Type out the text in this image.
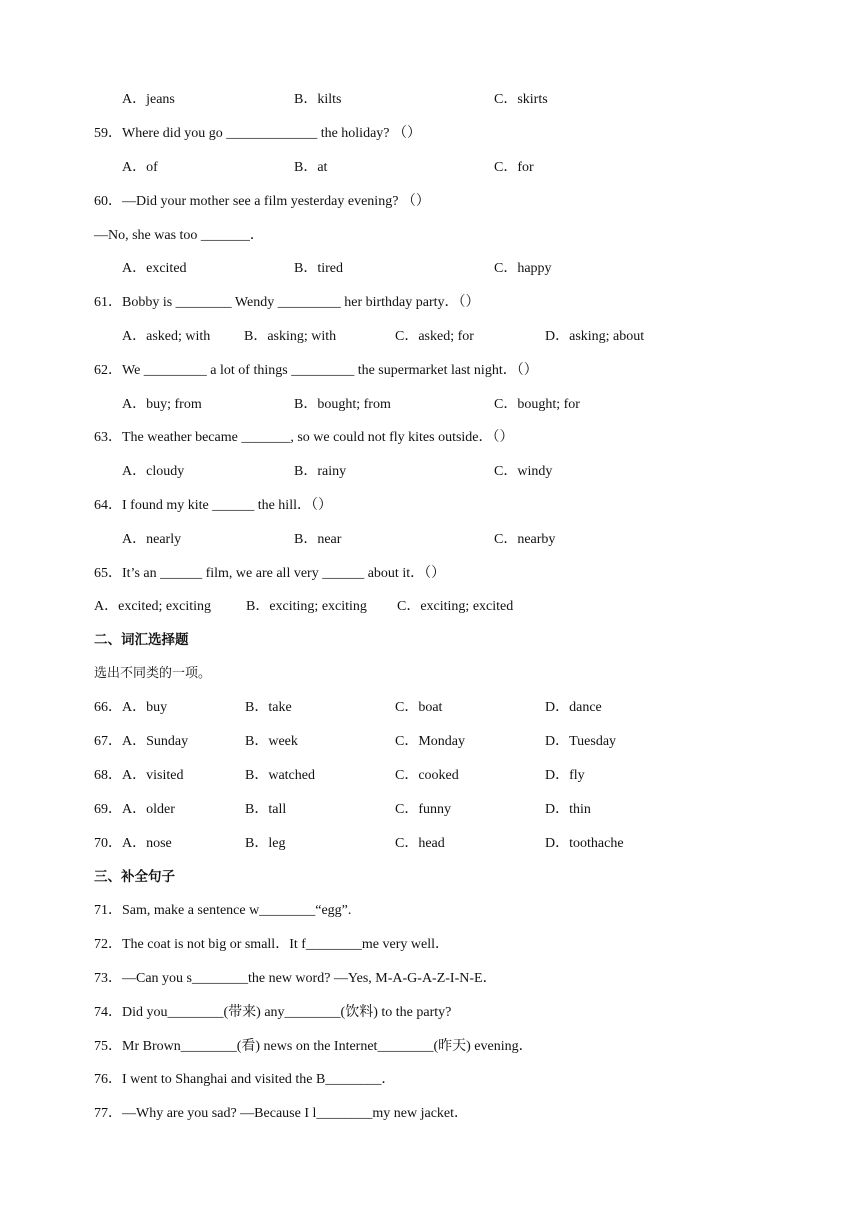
A．jeans	B．kilts	C．skirts
59．Where did you go _____________ the holiday? （）
A．of	B．at	C．for
60．—Did your mother see a film yesterday evening? （）
—No, she was too _______．
A．excited	B．tired	C．happy
61．Bobby is ________ Wendy _________ her birthday party．（）
A．asked; with B．asking; with	C．asked; for	D．asking; about
62．We _________ a lot of things _________ the supermarket last night．（）
A．buy; from	B．bought; from	C．bought; for
63．The weather became _______, so we could not fly kites outside．（）
A．cloudy	B．rainy	C．windy
64．I found my kite ______ the hill．（）
A．nearly	B．near	C．nearby
65．It’s an ______ film, we are all very ______ about it．（）
A．excited; exciting B．exciting; exciting C．exciting; excited
二、词汇选择题
选出不同类的一项。
66．A．buy	B．take	C．boat	D．dance
67．A．Sunday	B．week	C．Monday	D．Tuesday
68．A．visited	B．watched	C．cooked	D．fly
69．A．older	B．tall	C．funny	D．thin
70．A．nose	B．leg	C．head	D．toothache
三、补全句子
71．Sam, make a sentence w________“egg”.
72．The coat is not big or small．It f________me very well．
73．—Can you s________the new word? —Yes, M-A-G-A-Z-I-N-E．
74．Did you________(带来) any________(饮料) to the party?
75．Mr Brown________(看) news on the Internet________(昨天) evening．
76．I went to Shanghai and visited the B________．
77．—Why are you sad? —Because I l________my new jacket．
